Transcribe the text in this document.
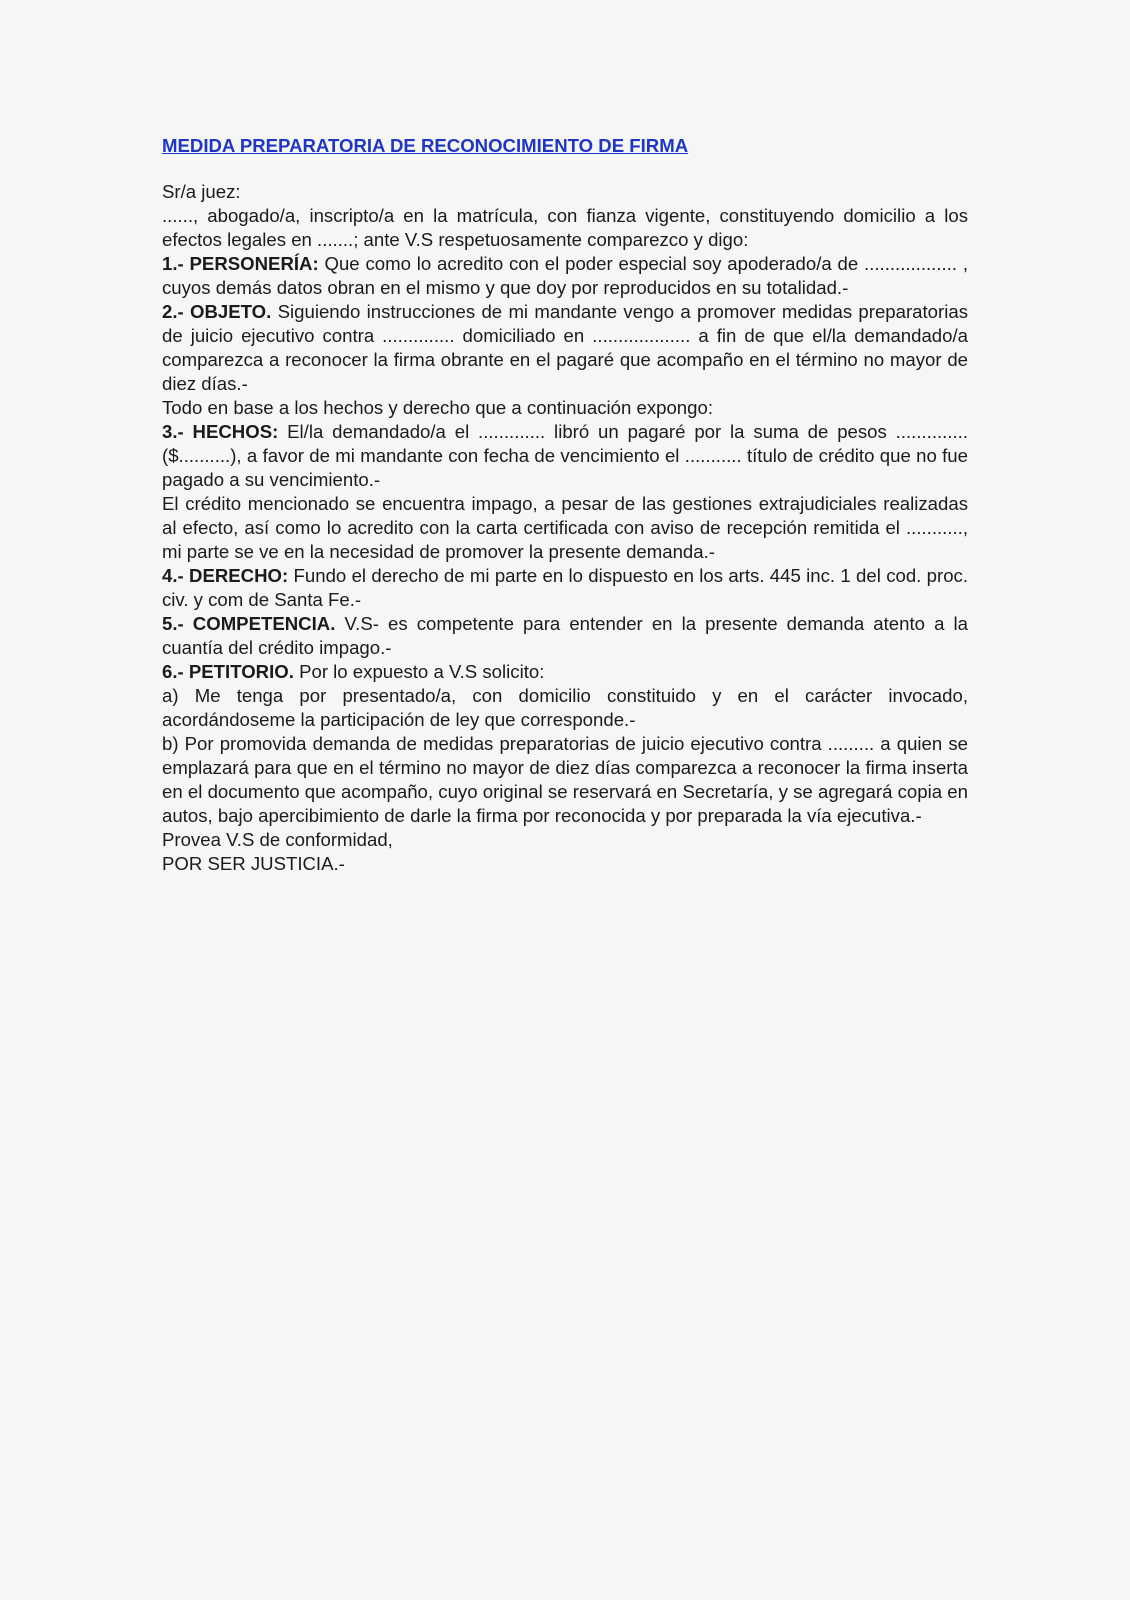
MEDIDA PREPARATORIA DE RECONOCIMIENTO DE FIRMA

Sr/a juez:

......, abogado/a, inscripto/a en la matrícula, con fianza vigente, constituyendo domicilio a los efectos legales en .......; ante V.S respetuosamente comparezco y digo:

1.- PERSONERÍA: Que como lo acredito con el poder especial soy apoderado/a de .................. , cuyos demás datos obran en el mismo y que doy por reproducidos en su totalidad.-

2.- OBJETO. Siguiendo instrucciones de mi mandante vengo a promover medidas preparatorias de juicio ejecutivo contra .............. domiciliado en ................... a fin de que el/la demandado/a comparezca a reconocer la firma obrante en el pagaré que acompaño en el término no mayor de diez días.-

Todo en base a los hechos y derecho que a continuación expongo:

3.- HECHOS: El/la demandado/a el ............. libró un pagaré por la suma de pesos .............. ($..........), a favor de mi mandante con fecha de vencimiento el ........... título de crédito que no fue pagado a su vencimiento.-

El crédito mencionado se encuentra impago, a pesar de las gestiones extrajudiciales realizadas al efecto, así como lo acredito con la carta certificada con aviso de recepción remitida el ..........., mi parte se ve en la necesidad de promover la presente demanda.-

4.- DERECHO: Fundo el derecho de mi parte en lo dispuesto en los arts. 445 inc. 1 del cod. proc. civ. y com de Santa Fe.-

5.- COMPETENCIA. V.S- es competente para entender en la presente demanda atento a la cuantía del crédito impago.-

6.- PETITORIO. Por lo expuesto a V.S solicito:

a) Me tenga por presentado/a, con domicilio constituido y en el carácter invocado, acordándoseme la participación de ley que corresponde.-

b) Por promovida demanda de medidas preparatorias de juicio ejecutivo contra ......... a quien se emplazará para que en el término no mayor de diez días comparezca a reconocer la firma inserta en el documento que acompaño, cuyo original se reservará en Secretaría, y se agregará copia en autos, bajo apercibimiento de darle la firma por reconocida y por preparada la vía ejecutiva.-

Provea V.S de conformidad,

POR SER JUSTICIA.-
